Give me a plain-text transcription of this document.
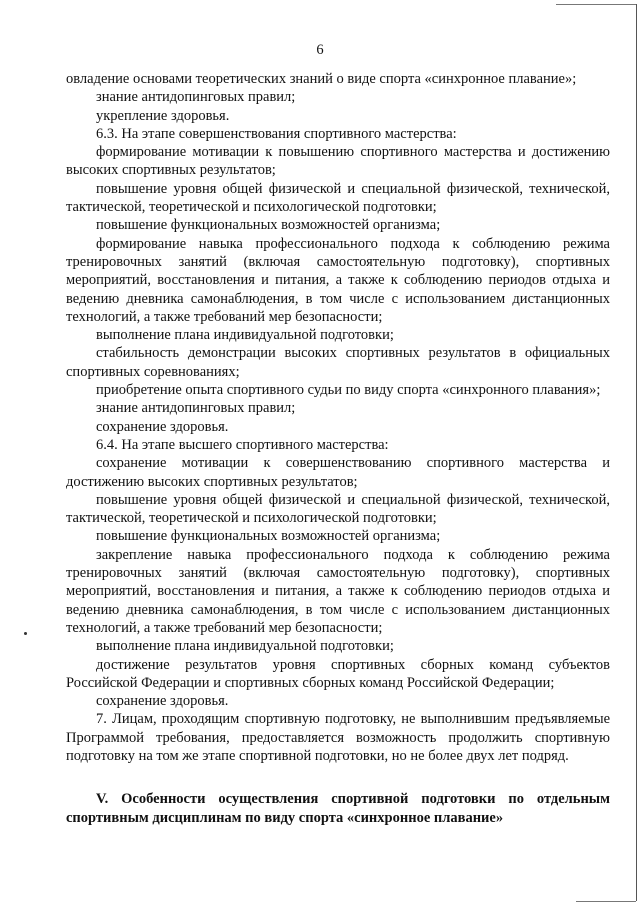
6

овладение основами теоретических знаний о виде спорта «синхронное плавание»;

знание антидопинговых правил;

укрепление здоровья.

6.3. На этапе совершенствования спортивного мастерства:

формирование мотивации к повышению спортивного мастерства и достижению высоких спортивных результатов;

повышение уровня общей физической и специальной физической, технической, тактической, теоретической и психологической подготовки;

повышение функциональных возможностей организма;

формирование навыка профессионального подхода к соблюдению режима тренировочных занятий (включая самостоятельную подготовку), спортивных мероприятий, восстановления и питания, а также к соблюдению периодов отдыха и ведению дневника самонаблюдения, в том числе с использованием дистанционных технологий, а также требований мер безопасности;

выполнение плана индивидуальной подготовки;

стабильность демонстрации высоких спортивных результатов в официальных спортивных соревнованиях;

приобретение опыта спортивного судьи по виду спорта «синхронного плавания»;

знание антидопинговых правил;

сохранение здоровья.

6.4. На этапе высшего спортивного мастерства:

сохранение мотивации к совершенствованию спортивного мастерства и достижению высоких спортивных результатов;

повышение уровня общей физической и специальной физической, технической, тактической, теоретической и психологической подготовки;

повышение функциональных возможностей организма;

закрепление навыка профессионального подхода к соблюдению режима тренировочных занятий (включая самостоятельную подготовку), спортивных мероприятий, восстановления и питания, а также к соблюдению периодов отдыха и ведению дневника самонаблюдения, в том числе с использованием дистанционных технологий, а также требований мер безопасности;

выполнение плана индивидуальной подготовки;

достижение результатов уровня спортивных сборных команд субъектов Российской Федерации и спортивных сборных команд Российской Федерации;

сохранение здоровья.

7. Лицам, проходящим спортивную подготовку, не выполнившим предъявляемые Программой требования, предоставляется возможность продолжить спортивную подготовку на том же этапе спортивной подготовки, но не более двух лет подряд.

V. Особенности осуществления спортивной подготовки по отдельным спортивным дисциплинам по виду спорта «синхронное плавание»
